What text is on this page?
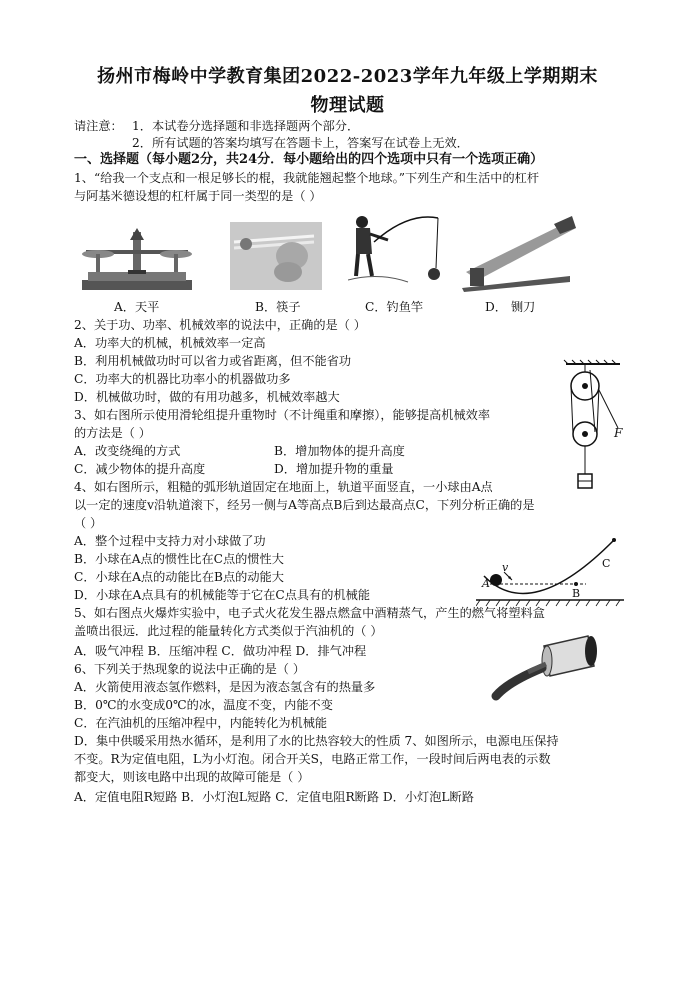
扬州市梅岭中学教育集团2022-2023学年九年级上学期期末
物理试题
请注意： 1．本试卷分选择题和非选择题两个部分．
2．所有试题的答案均填写在答题卡上，答案写在试卷上无效．
一、选择题（每小题2分，共24分．每小题给出的四个选项中只有一个选项正确）
1、“给我一个支点和一根足够长的棍，我就能翘起整个地球。”下列生产和生活中的杠杆
与阿基米德设想的杠杆属于同一类型的是（ ）
A．天平	B．筷子	C．钓鱼竿	D． 铡刀
2、关于功、功率、机械效率的说法中，正确的是（ ）
A．功率大的机械，机械效率一定高
B．利用机械做功时可以省力或省距离，但不能省功
C．功率大的机器比功率小的机器做功多
D．机械做功时，做的有用功越多，机械效率越大
F
3、如右图所示使用滑轮组提升重物时（不计绳重和摩擦），能够提高机械效率
的方法是（ ）
A．改变绕绳的方式	B．增加物体的提升高度
C．减少物体的提升高度	D．增加提升物的重量
4、如右图所示，粗糙的弧形轨道固定在地面上，轨道平面竖直，一小球由A点
以一定的速度v沿轨道滚下，经另一侧与A等高点B后到达最高点C，下列分析正确的是
（ ）
A．整个过程中支持力对小球做了功
B．小球在A点的惯性比在C点的惯性大
C．小球在A点的动能比在B点的动能大
D．小球在A点具有的机械能等于它在C点具有的机械能
A
B
C
v
5、如右图点火爆炸实验中，电子式火花发生器点燃盒中酒精蒸气，产生的燃气将塑料盒
盖喷出很远．此过程的能量转化方式类似于汽油机的（ ）
A．吸气冲程 B．压缩冲程 C．做功冲程 D．排气冲程
6、下列关于热现象的说法中正确的是（ ）
A．火箭使用液态氢作燃料，是因为液态氢含有的热量多
B．0℃的水变成0℃的冰，温度不变，内能不变
C．在汽油机的压缩冲程中，内能转化为机械能
D．集中供暖采用热水循环，是利用了水的比热容较大的性质 7、如图所示，电源电压保持
不变。R为定值电阻，L为小灯泡。闭合开关S，电路正常工作，一段时间后两电表的示数
都变大，则该电路中出现的故障可能是（ ）
A．定值电阻R短路 B．小灯泡L短路 C．定值电阻R断路 D．小灯泡L断路
